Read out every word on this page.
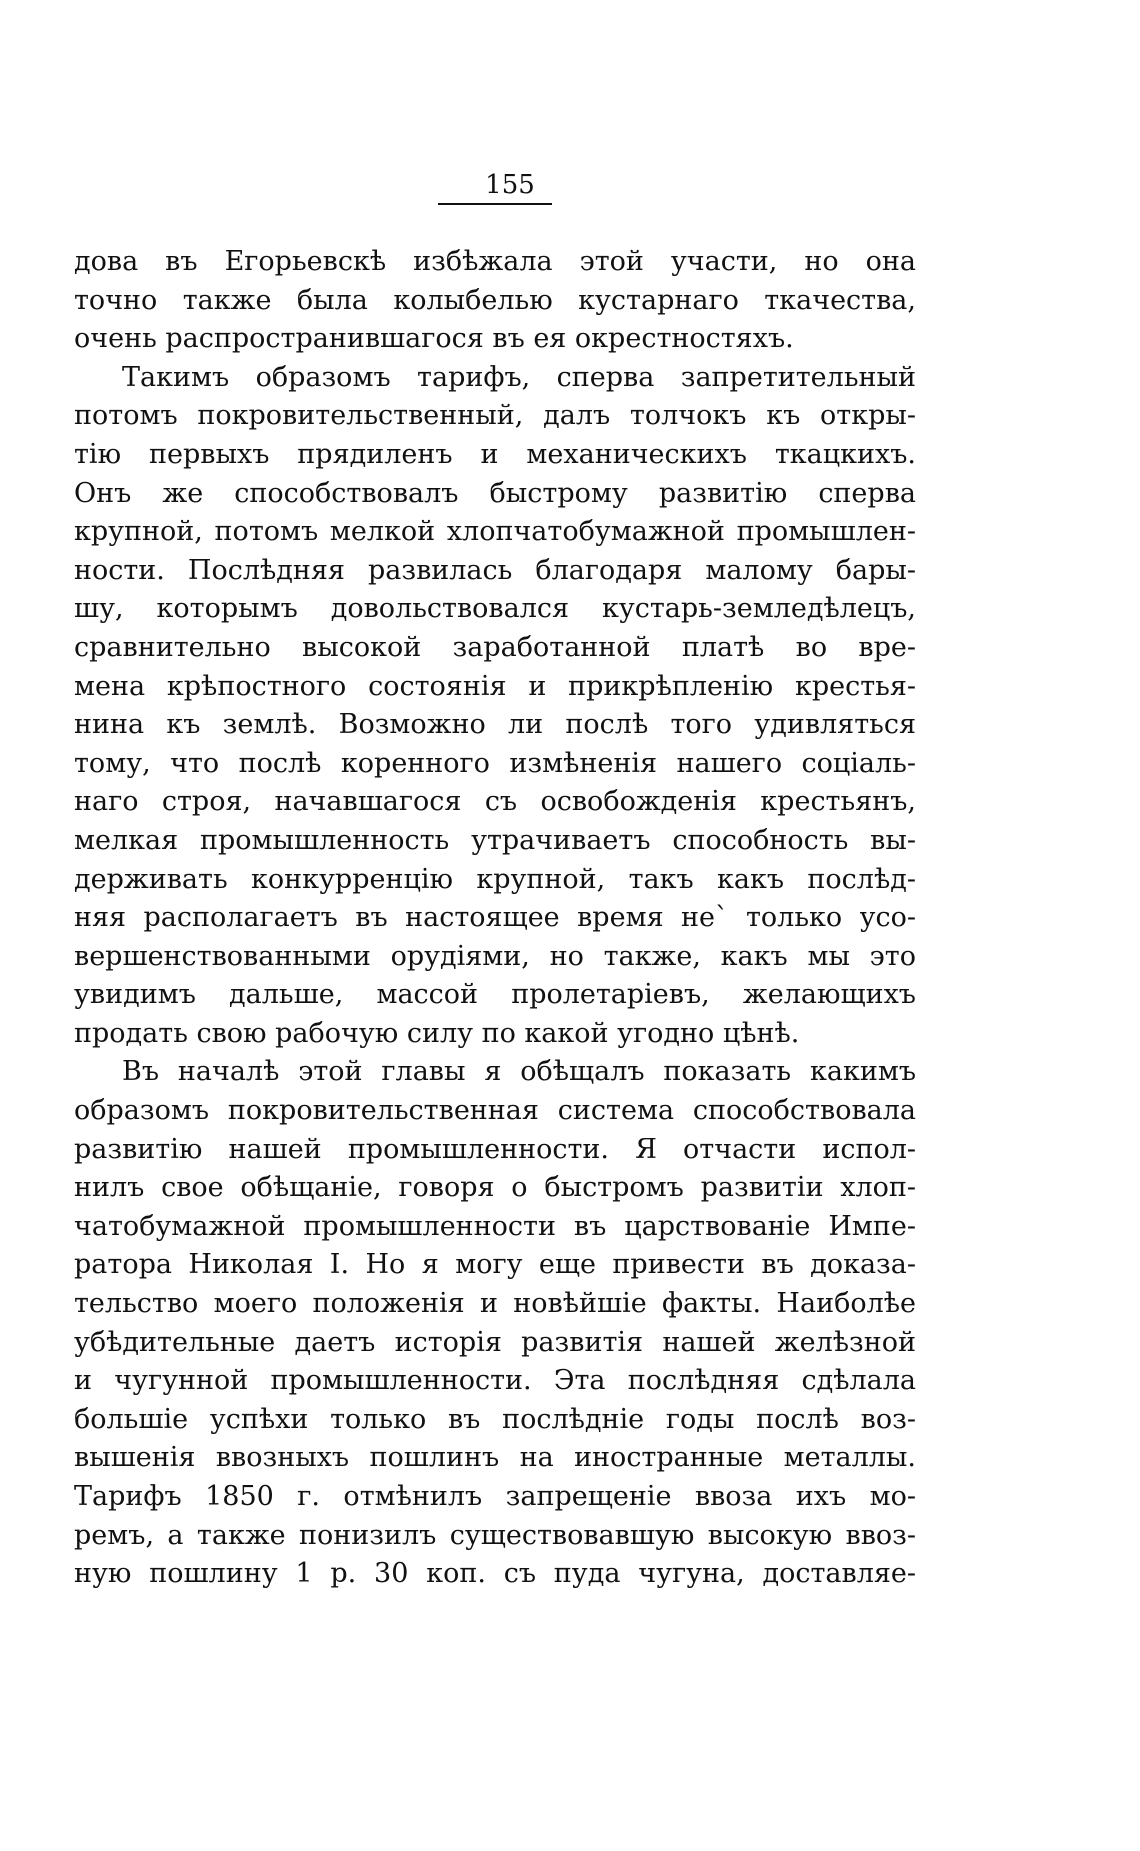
155
дова въ Егорьевскѣ избѣжала этой участи, но она
точно также была колыбелью кустарнаго ткачества,
очень распространившагося въ ея окрестностяхъ.
Такимъ образомъ тарифъ, сперва запретительный
потомъ покровительственный, далъ толчокъ къ откры-
тію первыхъ прядиленъ и механическихъ ткацкихъ.
Онъ же способствовалъ быстрому развитію сперва
крупной, потомъ мелкой хлопчатобумажной промышлен-
ности. Послѣдняя развилась благодаря малому бары-
шу, которымъ довольствовался кустарь-земледѣлецъ,
сравнительно высокой заработанной платѣ во вре-
мена крѣпостного состоянія и прикрѣпленію крестья-
нина къ землѣ. Возможно ли послѣ того удивляться
тому, что послѣ коренного измѣненія нашего соціаль-
наго строя, начавшагося съ освобожденія крестьянъ,
мелкая промышленность утрачиваетъ способность вы-
держивать конкурренцію крупной, такъ какъ послѣд-
няя располагаетъ въ настоящее время не` только усо-
вершенствованными орудіями, но также, какъ мы это
увидимъ дальше, массой пролетаріевъ, желающихъ
продать свою рабочую силу по какой угодно цѣнѣ.
Въ началѣ этой главы я обѣщалъ показать какимъ
образомъ покровительственная система способствовала
развитію нашей промышленности. Я отчасти испол-
нилъ свое обѣщаніе, говоря о быстромъ развитіи хлоп-
чатобумажной промышленности въ царствованіе Импе-
ратора Николая I. Но я могу еще привести въ доказа-
тельство моего положенія и новѣйшіе факты. Наиболѣе
убѣдительные даетъ исторія развитія нашей желѣзной
и чугунной промышленности. Эта послѣдняя сдѣлала
большіе успѣхи только въ послѣдніе годы послѣ воз-
вышенія ввозныхъ пошлинъ на иностранные металлы.
Тарифъ 1850 г. отмѣнилъ запрещеніе ввоза ихъ мо-
ремъ, а также понизилъ существовавшую высокую ввоз-
ную пошлину 1 р. 30 коп. съ пуда чугуна, доставляе-
